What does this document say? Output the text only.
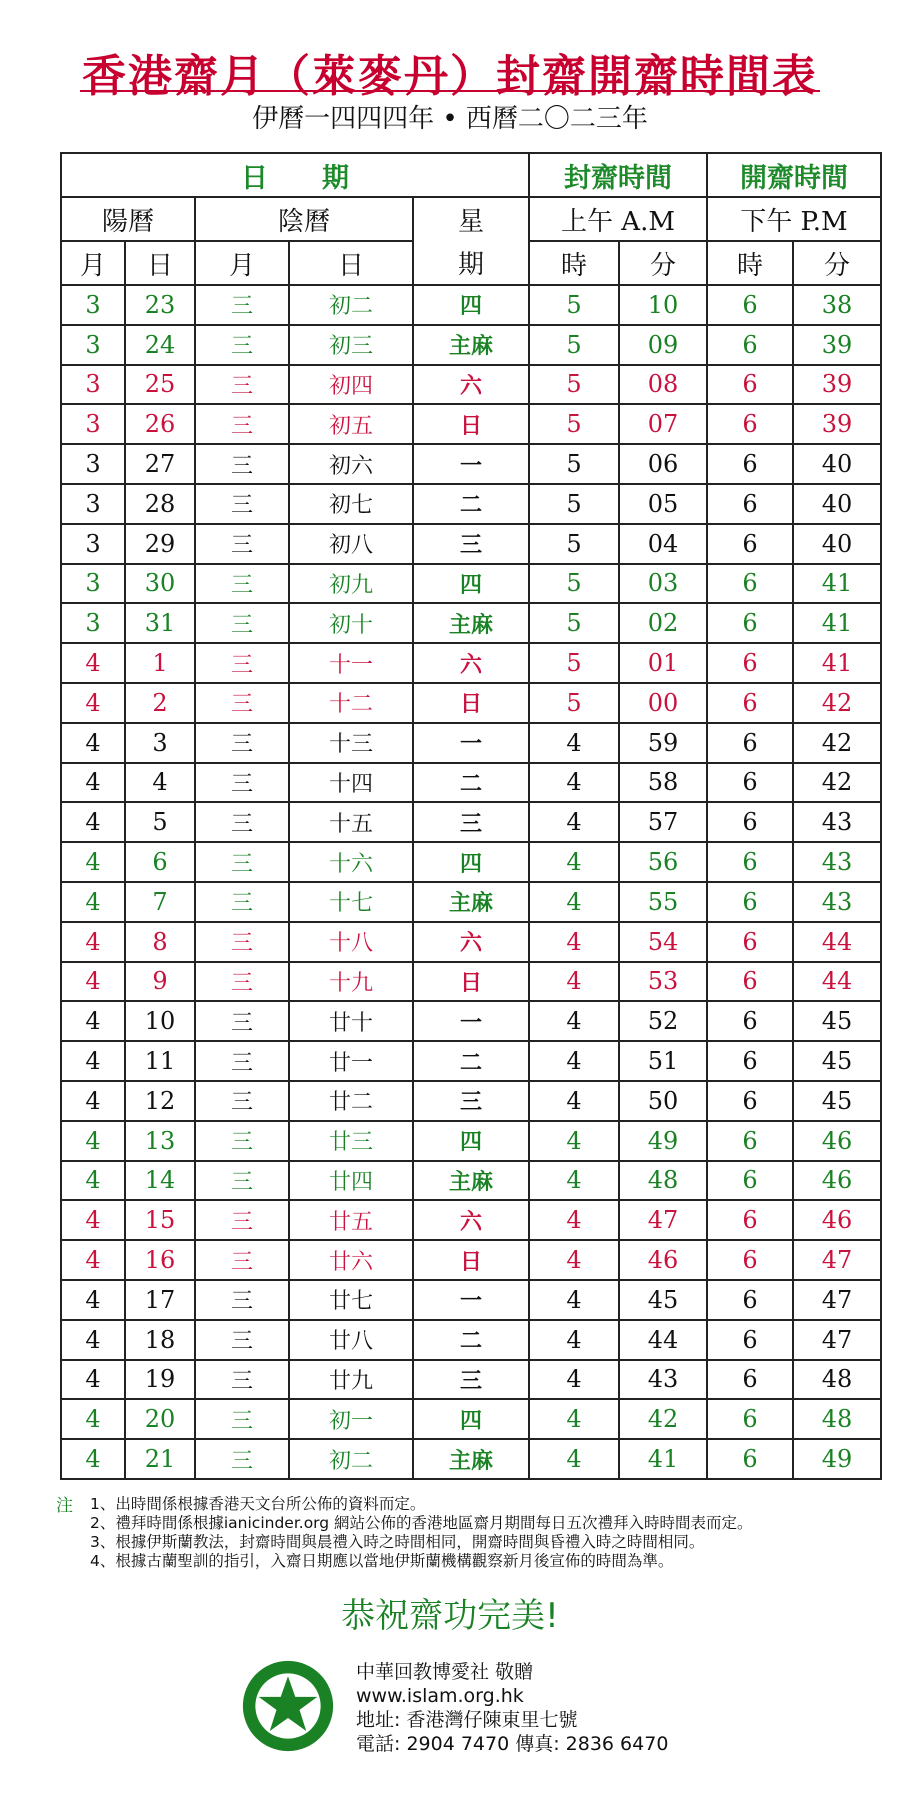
香港齋月（萊麥丹）封齋開齋時間表
伊曆一四四四年 • 西曆二〇二三年
日　　期					封齋時間		開齋時間	
陽曆		陰曆		星	上午 A.M		下午 P.M	
月	日	月	日	期	時	分	時	分
3	23	三	初二	四	5	10	6	38
3	24	三	初三	主麻	5	09	6	39
3	25	三	初四	六	5	08	6	39
3	26	三	初五	日	5	07	6	39
3	27	三	初六	一	5	06	6	40
3	28	三	初七	二	5	05	6	40
3	29	三	初八	三	5	04	6	40
3	30	三	初九	四	5	03	6	41
3	31	三	初十	主麻	5	02	6	41
4	1	三	十一	六	5	01	6	41
4	2	三	十二	日	5	00	6	42
4	3	三	十三	一	4	59	6	42
4	4	三	十四	二	4	58	6	42
4	5	三	十五	三	4	57	6	43
4	6	三	十六	四	4	56	6	43
4	7	三	十七	主麻	4	55	6	43
4	8	三	十八	六	4	54	6	44
4	9	三	十九	日	4	53	6	44
4	10	三	廿十	一	4	52	6	45
4	11	三	廿一	二	4	51	6	45
4	12	三	廿二	三	4	50	6	45
4	13	三	廿三	四	4	49	6	46
4	14	三	廿四	主麻	4	48	6	46
4	15	三	廿五	六	4	47	6	46
4	16	三	廿六	日	4	46	6	47
4	17	三	廿七	一	4	45	6	47
4	18	三	廿八	二	4	44	6	47
4	19	三	廿九	三	4	43	6	48
4	20	三	初一	四	4	42	6	48
4	21	三	初二	主麻	4	41	6	49
注 1、出時間係根據香港天文台所公佈的資料而定。
2、禮拜時間係根據ianicinder.org 網站公佈的香港地區齋月期間每日五次禮拜入時時間表而定。
3、根據伊斯蘭教法，封齋時間與晨禮入時之時間相同，開齋時間與昏禮入時之時間相同。
4、根據古蘭聖訓的指引，入齋日期應以當地伊斯蘭機構觀察新月後宣佈的時間為準。
恭祝齋功完美!
中華回教博愛社 敬贈
www.islam.org.hk
地址: 香港灣仔陳東里七號
電話: 2904 7470 傳真: 2836 6470
